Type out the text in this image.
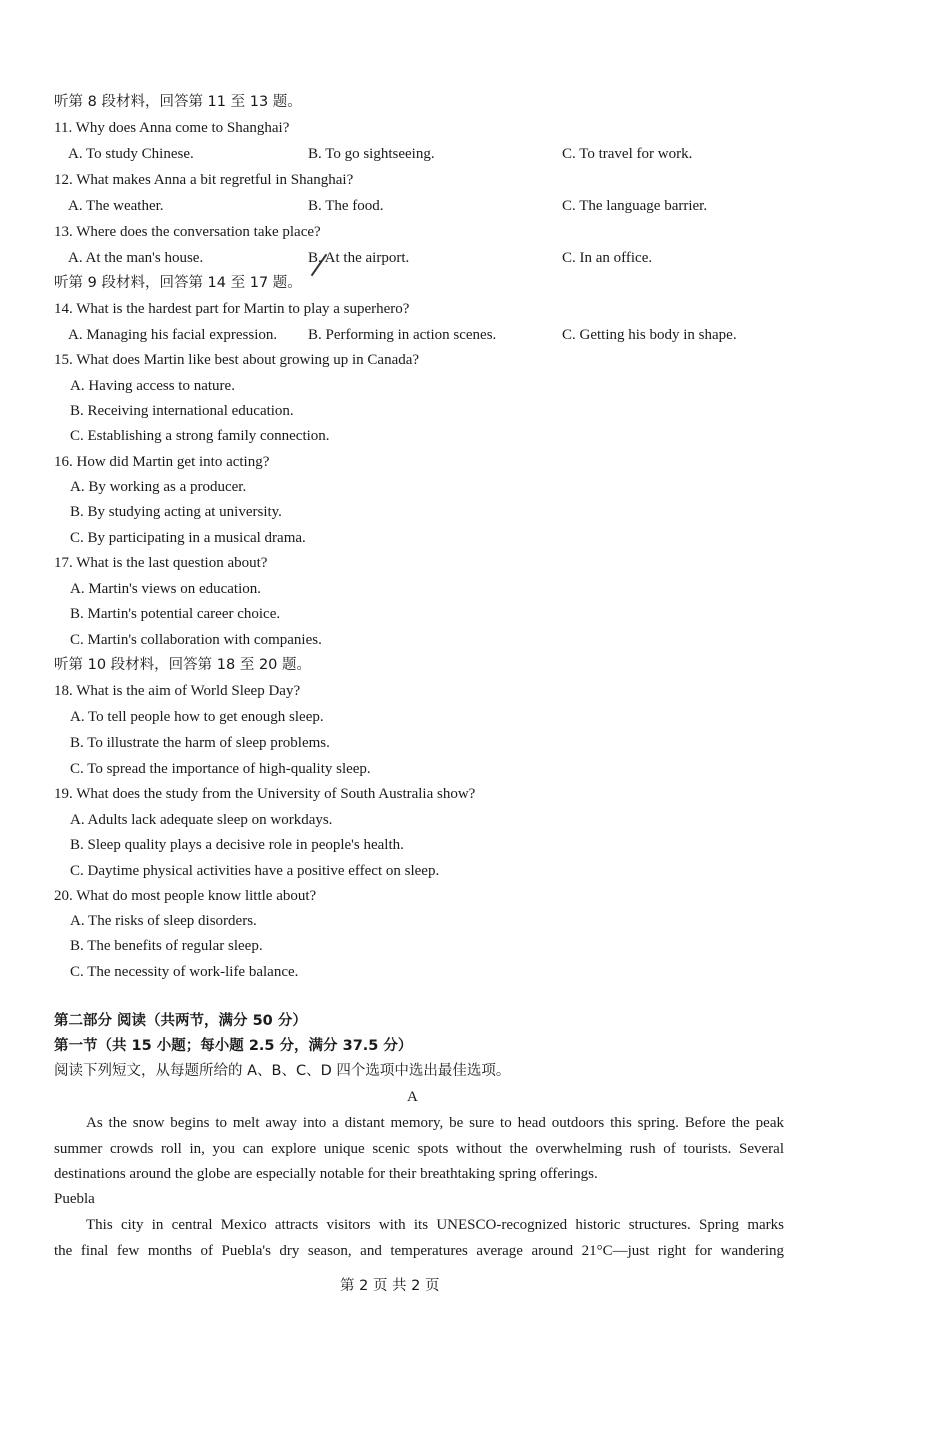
听第 8 段材料，回答第 11 至 13 题。
11. Why does Anna come to Shanghai?
A. To study Chinese.	B. To go sightseeing.	C. To travel for work.
12. What makes Anna a bit regretful in Shanghai?
A. The weather.	B. The food.	C. The language barrier.
13. Where does the conversation take place?
A. At the man's house.	B. At the airport.	C. In an office.
听第 9 段材料，回答第 14 至 17 题。
14. What is the hardest part for Martin to play a superhero?
A. Managing his facial expression. B. Performing in action scenes.	C. Getting his body in shape.
15. What does Martin like best about growing up in Canada?
A. Having access to nature.
B. Receiving international education.
C. Establishing a strong family connection.
16. How did Martin get into acting?
A. By working as a producer.
B. By studying acting at university.
C. By participating in a musical drama.
17. What is the last question about?
A. Martin's views on education.
B. Martin's potential career choice.
C. Martin's collaboration with companies.
听第 10 段材料，回答第 18 至 20 题。
18. What is the aim of World Sleep Day?
A. To tell people how to get enough sleep.
B. To illustrate the harm of sleep problems.
C. To spread the importance of high-quality sleep.
19. What does the study from the University of South Australia show?
A. Adults lack adequate sleep on workdays.
B. Sleep quality plays a decisive role in people's health.
C. Daytime physical activities have a positive effect on sleep.
20. What do most people know little about?
A. The risks of sleep disorders.
B. The benefits of regular sleep.
C. The necessity of work-life balance.
第二部分 阅读（共两节，满分 50 分）
第一节（共 15 小题；每小题 2.5 分，满分 37.5 分）
阅读下列短文，从每题所给的 A、B、C、D 四个选项中选出最佳选项。
A
As the snow begins to melt away into a distant memory, be sure to head outdoors this spring. Before the peak
summer crowds roll in, you can explore unique scenic spots without the overwhelming rush of tourists. Several
destinations around the globe are especially notable for their breathtaking spring offerings.
Puebla
This city in central Mexico attracts visitors with its UNESCO-recognized historic structures. Spring marks
the final few months of Puebla's dry season, and temperatures average around 21°C—just right for wandering
第 2 页 共 2 页
